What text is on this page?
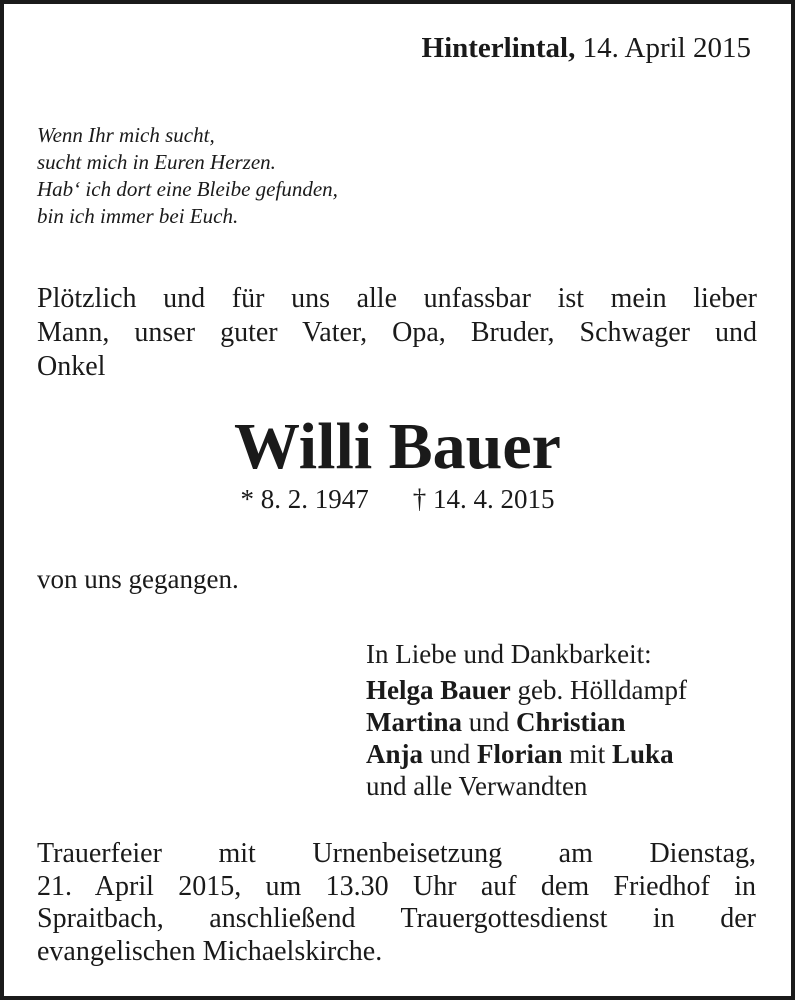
Hinterlintal, 14. April 2015
Wenn Ihr mich sucht,
sucht mich in Euren Herzen.
Hab‘ ich dort eine Bleibe gefunden,
bin ich immer bei Euch.
Plötzlich und für uns alle unfassbar ist mein lieber
Mann, unser guter Vater, Opa, Bruder, Schwager und
Onkel
Willi Bauer
* 8. 2. 1947 † 14. 4. 2015
von uns gegangen.
In Liebe und Dankbarkeit:
Helga Bauer geb. Hölldampf
Martina und Christian
Anja und Florian mit Luka
und alle Verwandten
Trauerfeier mit Urnenbeisetzung am Dienstag,
21. April 2015, um 13.30 Uhr auf dem Friedhof in
Spraitbach, anschließend Trauergottesdienst in der
evangelischen Michaelskirche.
